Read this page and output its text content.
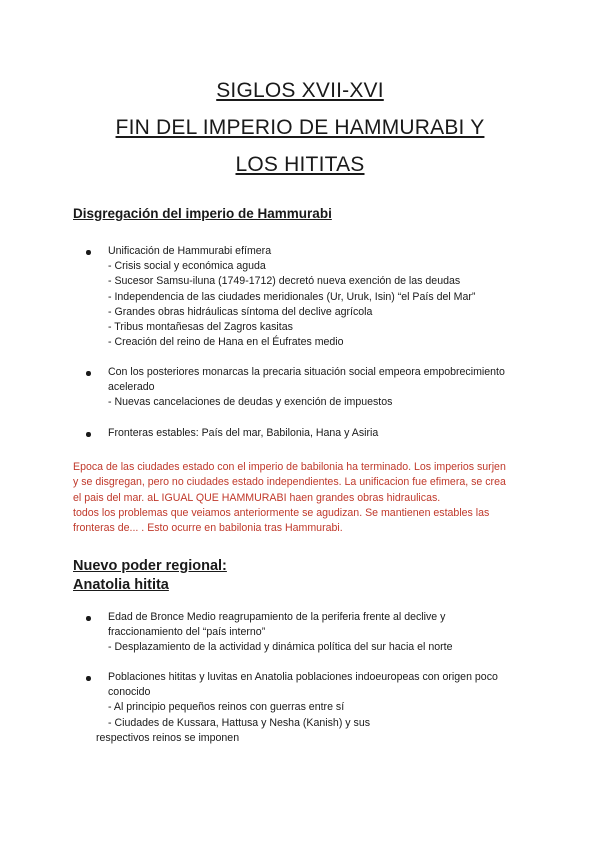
SIGLOS XVII-XVI
FIN DEL IMPERIO DE HAMMURABI Y
LOS HITITAS
Disgregación del imperio de Hammurabi
Unificación de Hammurabi efímera
- Crisis social y económica aguda
- Sucesor Samsu-iluna (1749-1712) decretó nueva exención de las deudas
- Independencia de las ciudades meridionales (Ur, Uruk, Isin) “el País del Mar”
- Grandes obras hidráulicas síntoma del declive agrícola
- Tribus montañesas del Zagros kasitas
- Creación del reino de Hana en el Éufrates medio
Con los posteriores monarcas la precaria situación social empeora empobrecimiento
acelerado
- Nuevas cancelaciones de deudas y exención de impuestos
Fronteras estables: País del mar, Babilonia, Hana y Asiria

Epoca de las ciudades estado con el imperio de babilonia ha terminado. Los imperios surjen
y se disgregan, pero no ciudades estado independientes. La unificacion fue efimera, se crea
el pais del mar. aL IGUAL QUE HAMMURABI haen grandes obras hidraulicas.
todos los problemas que veiamos anteriormente se agudizan. Se mantienen estables las
fronteras de... . Esto ocurre en babilonia tras Hammurabi.

Nuevo poder regional:
Anatolia hitita
Edad de Bronce Medio reagrupamiento de la periferia frente al declive y
fraccionamiento del “país interno”
- Desplazamiento de la actividad y dinámica política del sur hacia el norte
Poblaciones hititas y luvitas en Anatolia poblaciones indoeuropeas con origen poco
conocido
- Al principio pequeños reinos con guerras entre sí
- Ciudades de Kussara, Hattusa y Nesha (Kanish) y sus
respectivos reinos se imponen
